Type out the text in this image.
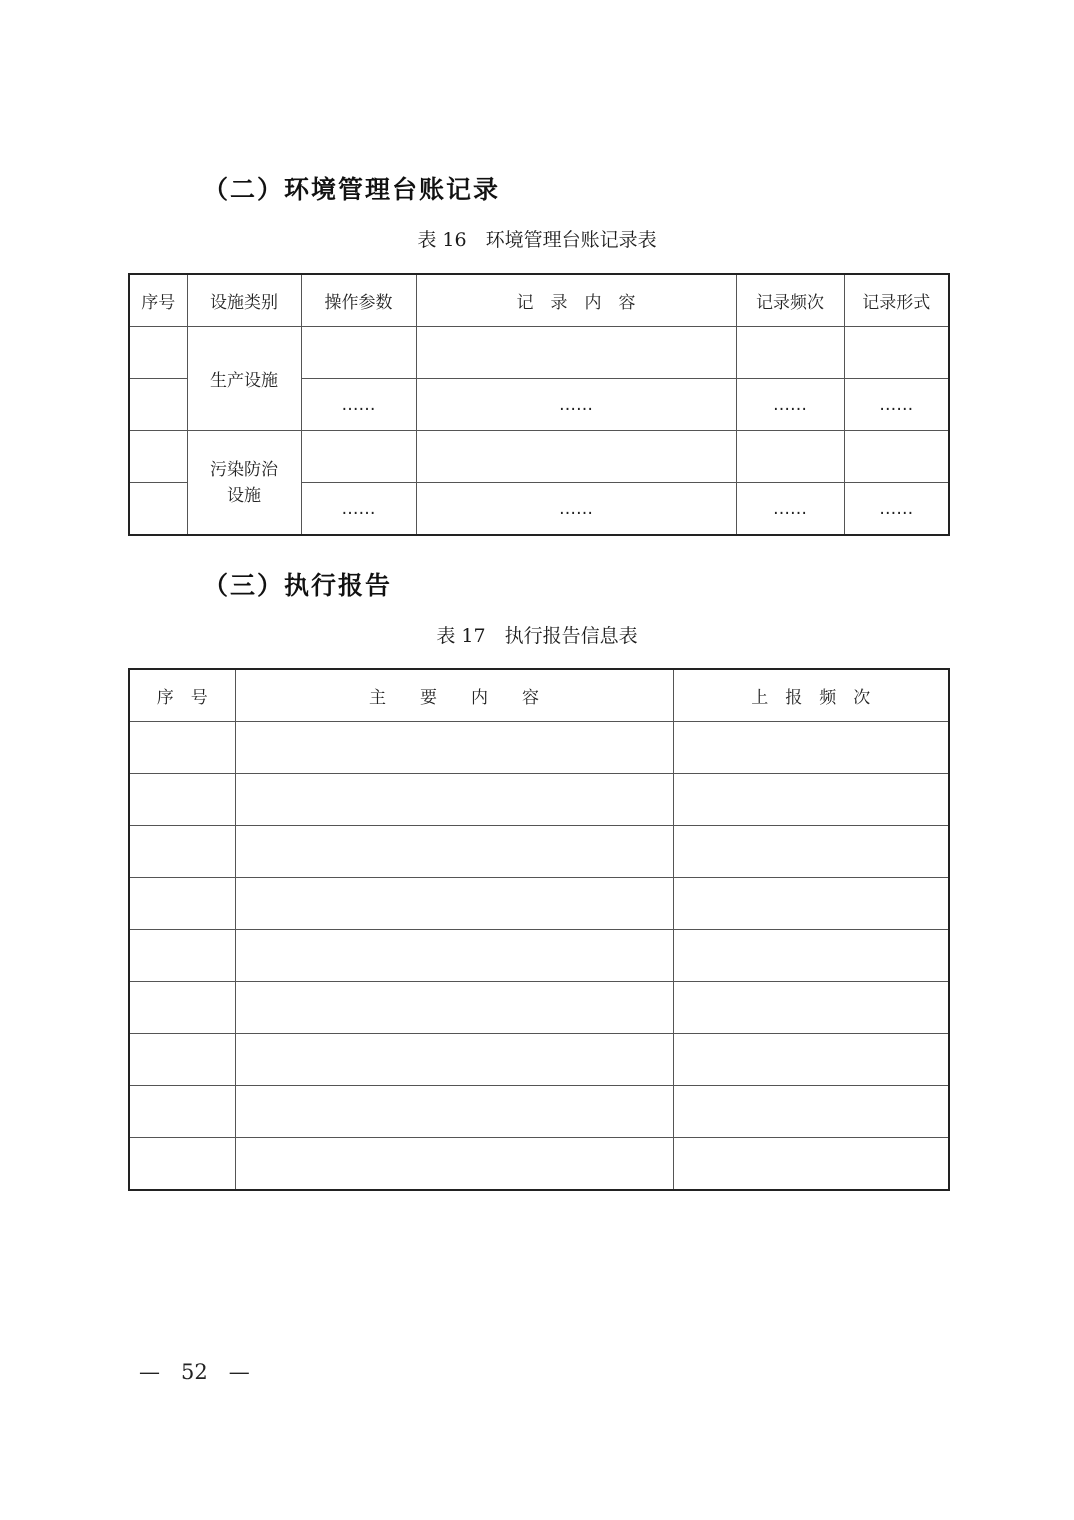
（二）环境管理台账记录
表 16　环境管理台账记录表
序号	设施类别	操作参数	记　录　内　容	记录频次	记录形式
	生产设施				
		……	……	……	……

	污染防治
设施				

		……	……	……	……
（三）执行报告
表 17　执行报告信息表
序　号	主　　要　　内　　容	上　报　频　次

—　52　—
